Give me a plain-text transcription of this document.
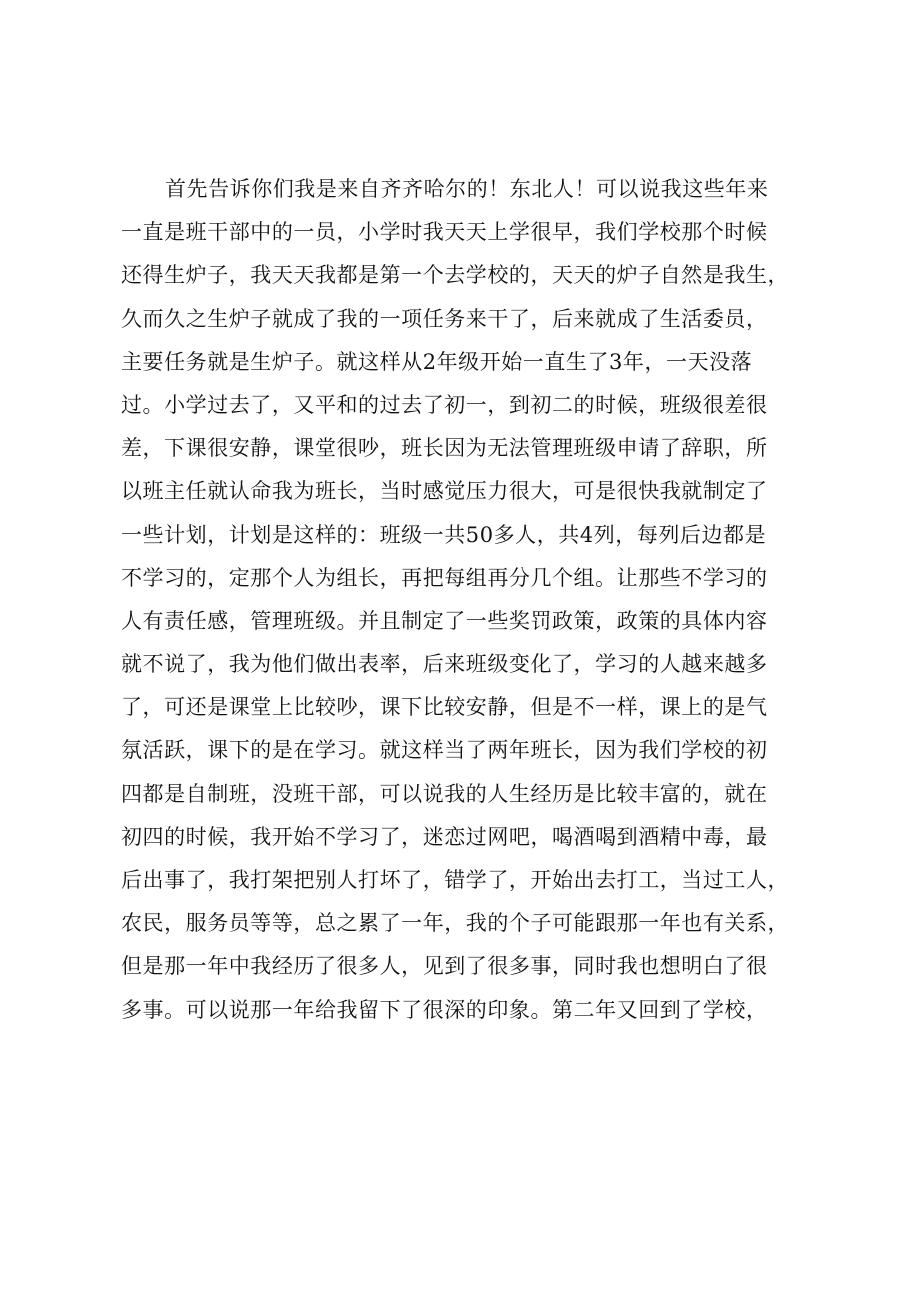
首先告诉你们我是来自齐齐哈尔的！东北人！可以说我这些年来
一直是班干部中的一员，小学时我天天上学很早，我们学校那个时候
还得生炉子，我天天我都是第一个去学校的，天天的炉子自然是我生，
久而久之生炉子就成了我的一项任务来干了，后来就成了生活委员，
主要任务就是生炉子。就这样从2年级开始一直生了3年，一天没落
过。小学过去了，又平和的过去了初一，到初二的时候，班级很差很
差，下课很安静，课堂很吵，班长因为无法管理班级申请了辞职，所
以班主任就认命我为班长，当时感觉压力很大，可是很快我就制定了
一些计划，计划是这样的：班级一共50多人，共4列，每列后边都是
不学习的，定那个人为组长，再把每组再分几个组。让那些不学习的
人有责任感，管理班级。并且制定了一些奖罚政策，政策的具体内容
就不说了，我为他们做出表率，后来班级变化了，学习的人越来越多
了，可还是课堂上比较吵，课下比较安静，但是不一样，课上的是气
氛活跃，课下的是在学习。就这样当了两年班长，因为我们学校的初
四都是自制班，没班干部，可以说我的人生经历是比较丰富的，就在
初四的时候，我开始不学习了，迷恋过网吧，喝酒喝到酒精中毒，最
后出事了，我打架把别人打坏了，错学了，开始出去打工，当过工人，
农民，服务员等等，总之累了一年，我的个子可能跟那一年也有关系，
但是那一年中我经历了很多人，见到了很多事，同时我也想明白了很
多事。可以说那一年给我留下了很深的印象。第二年又回到了学校，
